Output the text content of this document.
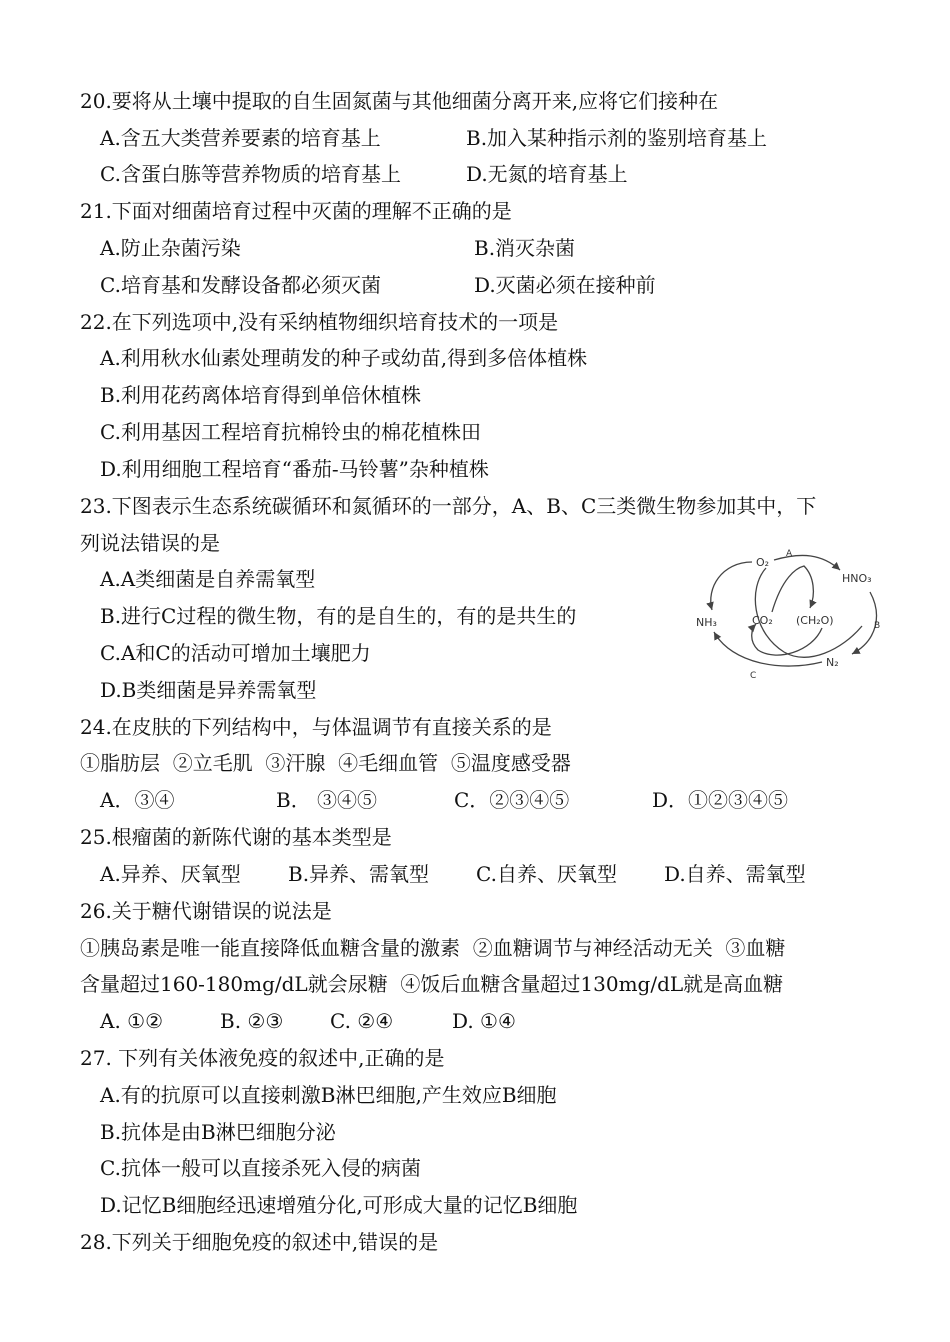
20.要将从土壤中提取的自生固氮菌与其他细菌分离开来,应将它们接种在
A.含五大类营养要素的培育基上	B.加入某种指示剂的鉴别培育基上
C.含蛋白胨等营养物质的培育基上	D.无氮的培育基上
21.下面对细菌培育过程中灭菌的理解不正确的是
A.防止杂菌污染	B.消灭杂菌
C.培育基和发酵设备都必须灭菌	D.灭菌必须在接种前
22.在下列选项中,没有采纳植物细织培育技术的一项是
A.利用秋水仙素处理萌发的种子或幼苗,得到多倍体植株
B.利用花药离体培育得到单倍休植株
C.利用基因工程培育抗棉铃虫的棉花植株田
D.利用细胞工程培育“番茄-马铃薯”杂种植株
23.下图表示生态系统碳循环和氮循环的一部分，A、B、C三类微生物参加其中，下
列说法错误的是
A.A类细菌是自养需氧型
B.进行C过程的微生物，有的是自生的，有的是共生的
C.A和C的活动可增加土壤肥力
D.B类细菌是异养需氧型
O₂
A
HNO₃
NH₃	CO₂ (CH₂O)	B
N₂
C
24.在皮肤的下列结构中，与体温调节有直接关系的是
①脂肪层  ②立毛肌  ③汗腺  ④毛细血管  ⑤温度感受器
A．③④	B． ③④⑤	C．②③④⑤	D．①②③④⑤
25.根瘤菌的新陈代谢的基本类型是
A.异养、厌氧型 B.异养、需氧型 C.自养、厌氧型 D.自养、需氧型
26.关于糖代谢错误的说法是
①胰岛素是唯一能直接降低血糖含量的激素  ②血糖调节与神经活动无关  ③血糖
含量超过160-180mg/dL就会尿糖  ④饭后血糖含量超过130mg/dL就是高血糖
A. ①②	B. ②③ C. ②④	D. ①④
27. 下列有关体液免疫的叙述中,正确的是
A.有的抗原可以直接刺激B淋巴细胞,产生效应B细胞
B.抗体是由B淋巴细胞分泌
C.抗体一般可以直接杀死入侵的病菌
D.记忆B细胞经迅速增殖分化,可形成大量的记忆B细胞
28.下列关于细胞免疫的叙述中,错误的是
